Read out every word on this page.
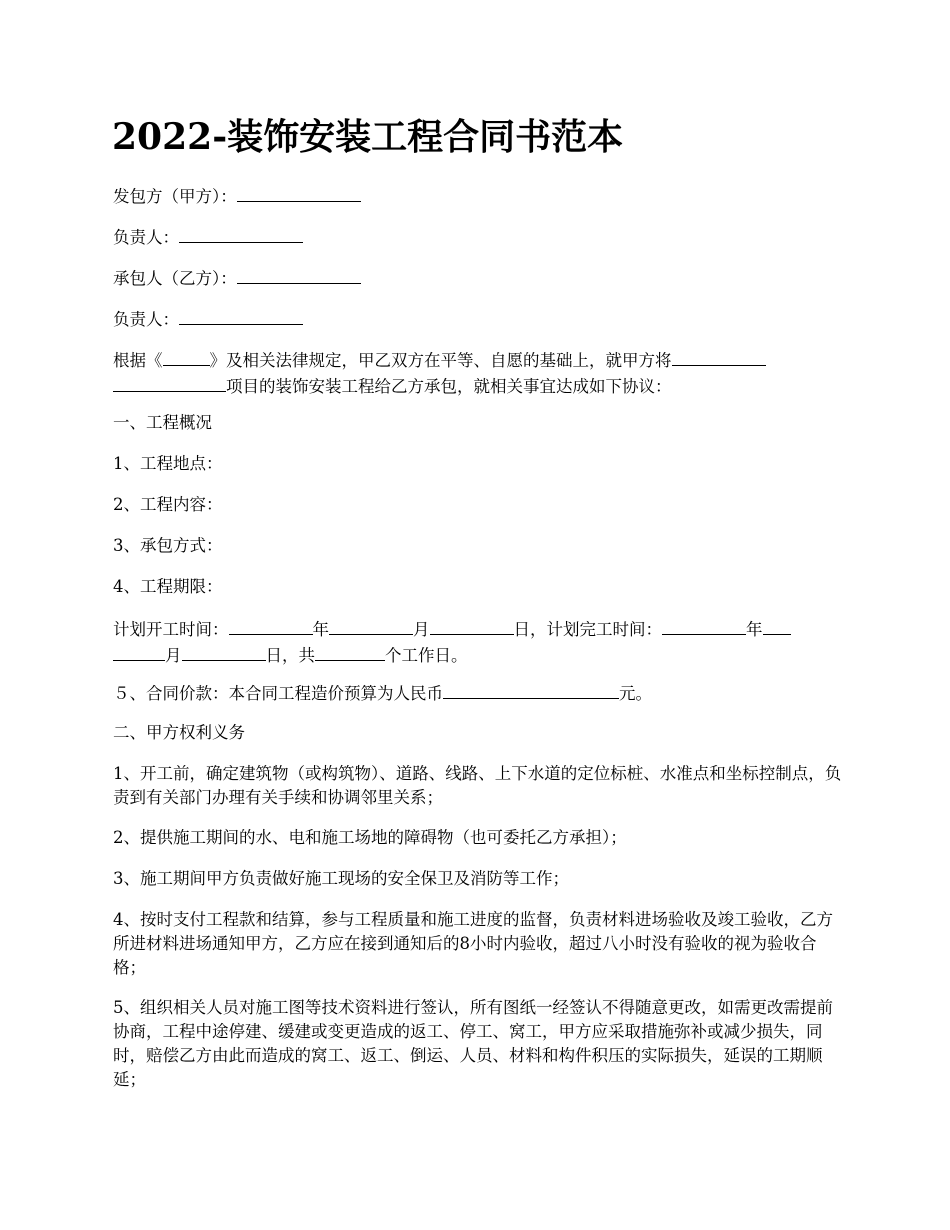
2022-装饰安装工程合同书范本

发包方（甲方）：

负责人：

承包人（乙方）：

负责人：

根据《	》及相关法律规定，甲乙双方在平等、自愿的基础上，就甲方将
项目的装饰安装工程给乙方承包，就相关事宜达成如下协议：

一、工程概况

1、工程地点：

2、工程内容：

3、承包方式：

4、工程期限：

计划开工时间：	年	月	日，计划完工时间：	年
月	日，共	个工作日。

５、合同价款：本合同工程造价预算为人民币	元。

二、甲方权利义务

1、开工前，确定建筑物（或构筑物）、道路、线路、上下水道的定位标桩、水准点和坐标控制点，负责到有关部门办理有关手续和协调邻里关系；

2、提供施工期间的水、电和施工场地的障碍物（也可委托乙方承担）；

3、施工期间甲方负责做好施工现场的安全保卫及消防等工作；

4、按时支付工程款和结算，参与工程质量和施工进度的监督，负责材料进场验收及竣工验收，乙方所进材料进场通知甲方，乙方应在接到通知后的8小时内验收，超过八小时没有验收的视为验收合格；

5、组织相关人员对施工图等技术资料进行签认，所有图纸一经签认不得随意更改，如需更改需提前协商，工程中途停建、缓建或变更造成的返工、停工、窝工，甲方应采取措施弥补或减少损失，同时，赔偿乙方由此而造成的窝工、返工、倒运、人员、材料和构件积压的实际损失，延误的工期顺延；
